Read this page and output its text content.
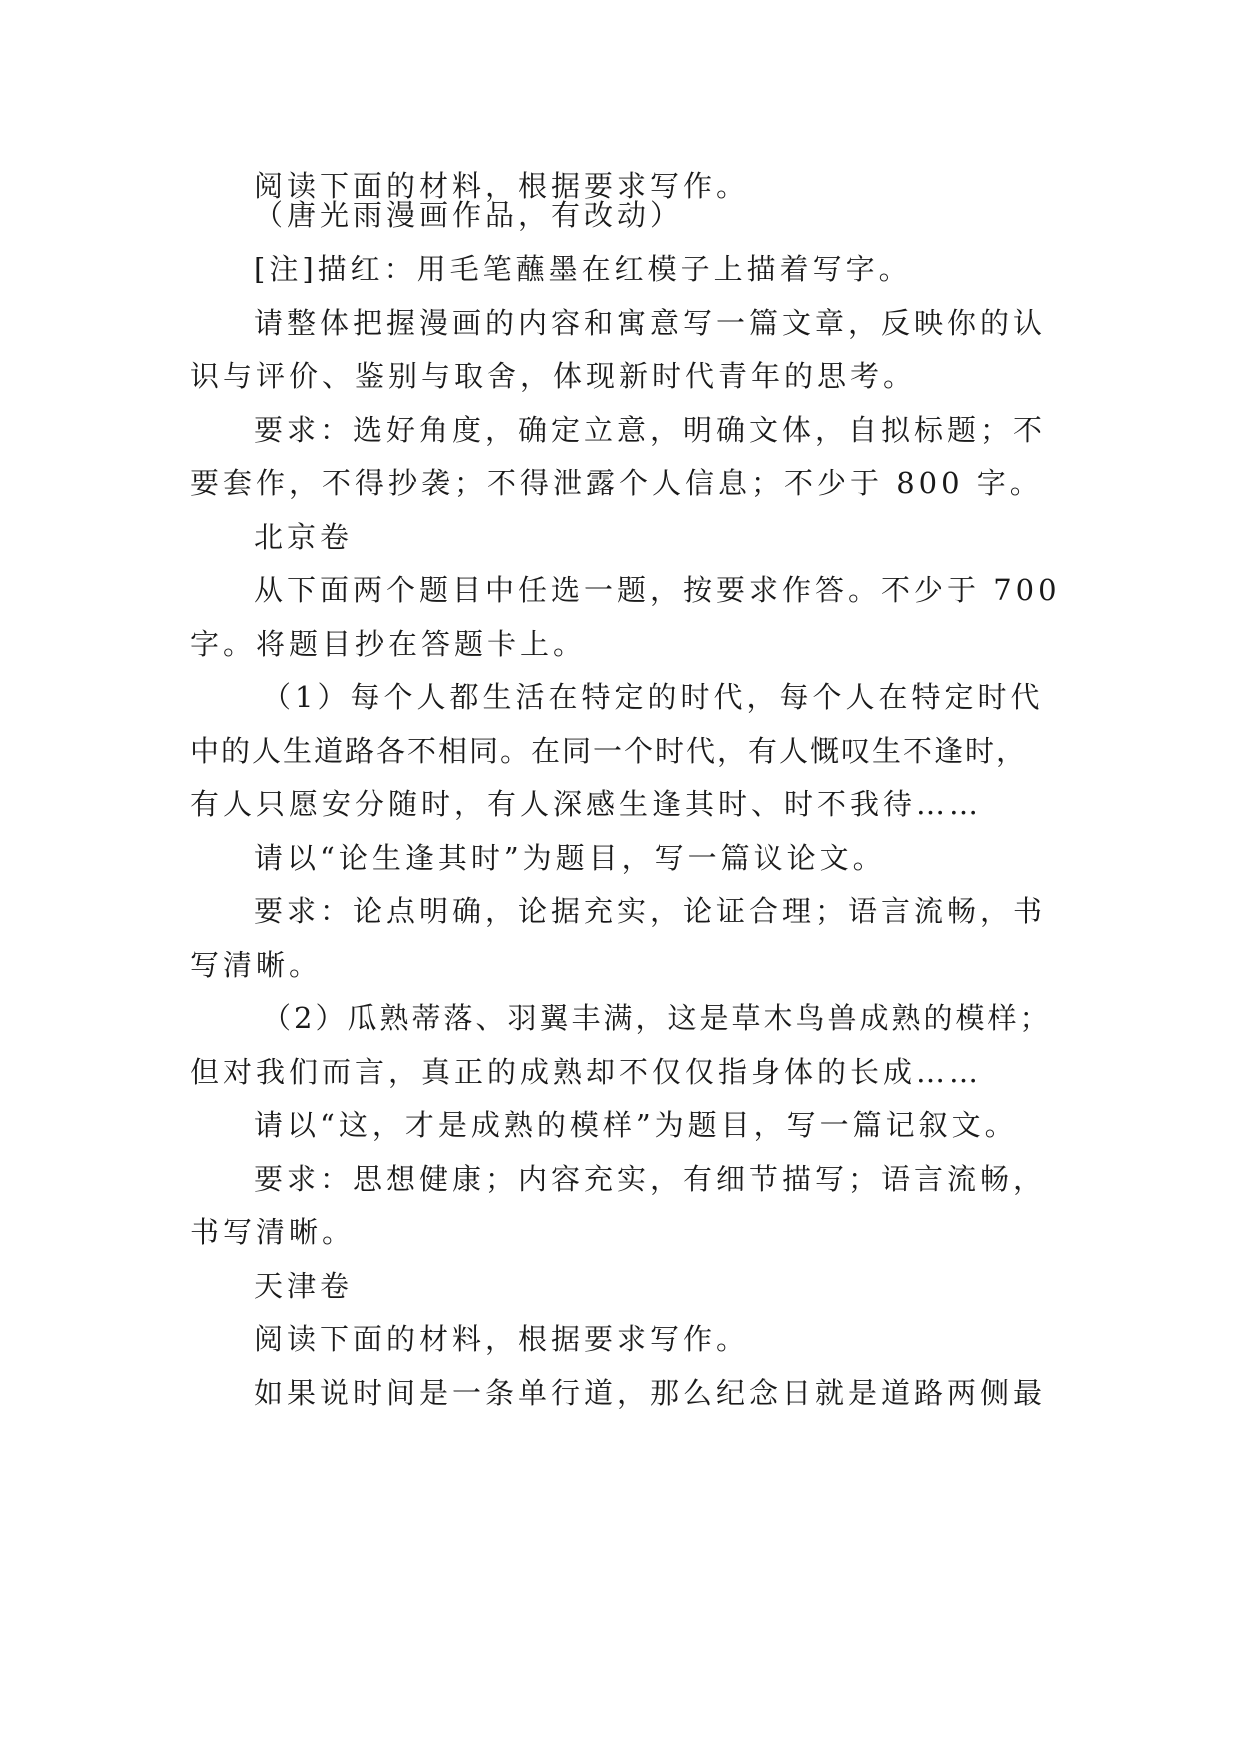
阅读下面的材料，根据要求写作。
（唐光雨漫画作品，有改动）
[注]描红：用毛笔蘸墨在红模子上描着写字。
请整体把握漫画的内容和寓意写一篇文章，反映你的认
识与评价、鉴别与取舍，体现新时代青年的思考。
要求：选好角度，确定立意，明确文体，自拟标题；不
要套作，不得抄袭；不得泄露个人信息；不少于 800 字。
北京卷
从下面两个题目中任选一题，按要求作答。不少于 700
字。将题目抄在答题卡上。
（1）每个人都生活在特定的时代，每个人在特定时代
中的人生道路各不相同。在同一个时代，有人慨叹生不逢时，
有人只愿安分随时，有人深感生逢其时、时不我待……
请以“论生逢其时”为题目，写一篇议论文。
要求：论点明确，论据充实，论证合理；语言流畅，书
写清晰。
（2）瓜熟蒂落、羽翼丰满，这是草木鸟兽成熟的模样；
但对我们而言，真正的成熟却不仅仅指身体的长成……
请以“这，才是成熟的模样”为题目，写一篇记叙文。
要求：思想健康；内容充实，有细节描写；语言流畅，
书写清晰。
天津卷
阅读下面的材料，根据要求写作。
如果说时间是一条单行道，那么纪念日就是道路两侧最
